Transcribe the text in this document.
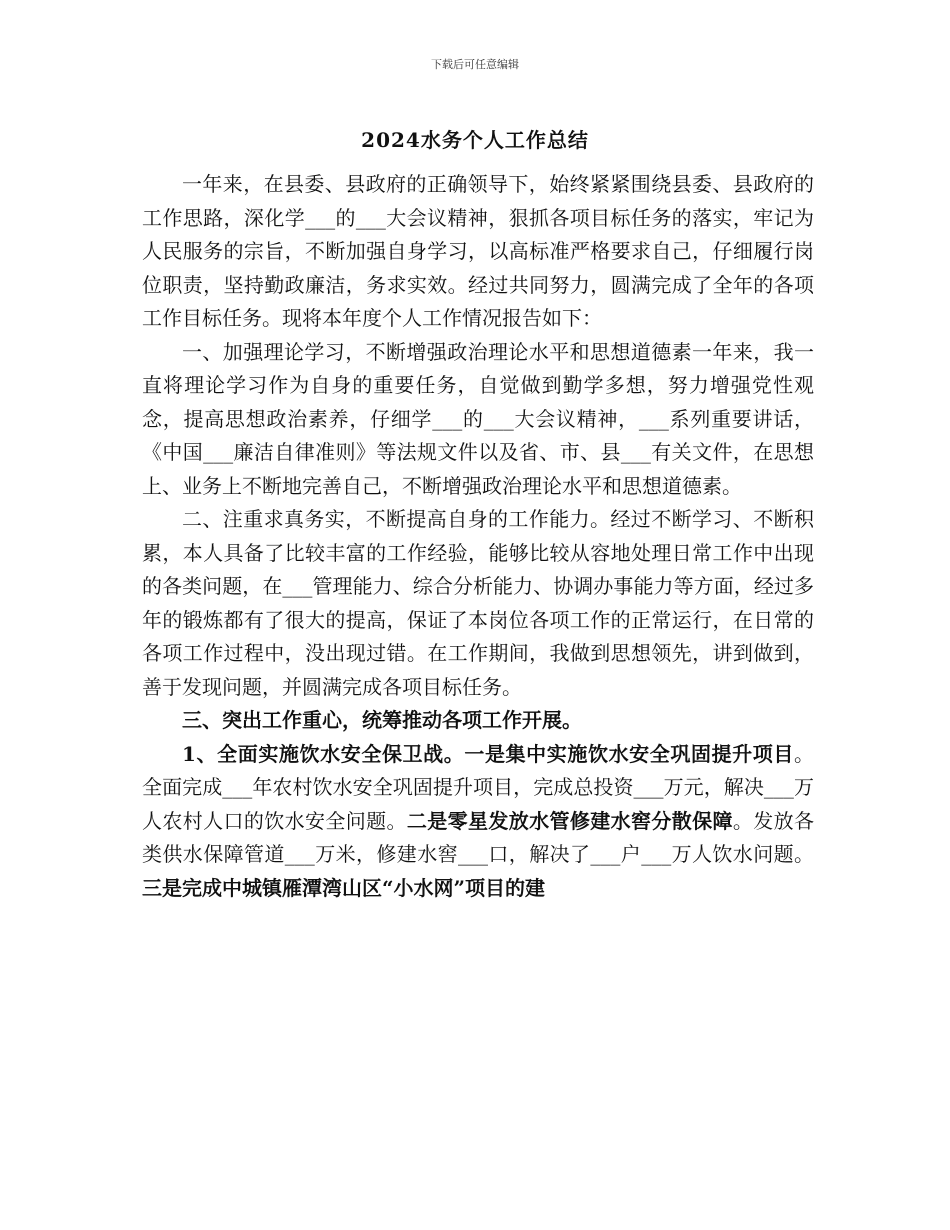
下载后可任意编辑
2024水务个人工作总结

一年来，在县委、县政府的正确领导下，始终紧紧围绕县委、县政府的工作思路，深化学___的___大会议精神，狠抓各项目标任务的落实，牢记为人民服务的宗旨，不断加强自身学习，以高标准严格要求自己，仔细履行岗位职责，坚持勤政廉洁，务求实效。经过共同努力，圆满完成了全年的各项工作目标任务。现将本年度个人工作情况报告如下：

一、加强理论学习，不断增强政治理论水平和思想道德素一年来，我一直将理论学习作为自身的重要任务，自觉做到勤学多想，努力增强党性观念，提高思想政治素养，仔细学___的___大会议精神，___系列重要讲话，《中国___廉洁自律准则》等法规文件以及省、市、县___有关文件，在思想上、业务上不断地完善自己，不断增强政治理论水平和思想道德素。

二、注重求真务实，不断提高自身的工作能力。经过不断学习、不断积累，本人具备了比较丰富的工作经验，能够比较从容地处理日常工作中出现的各类问题，在___管理能力、综合分析能力、协调办事能力等方面，经过多年的锻炼都有了很大的提高，保证了本岗位各项工作的正常运行，在日常的各项工作过程中，没出现过错。在工作期间，我做到思想领先，讲到做到，善于发现问题，并圆满完成各项目标任务。

三、突出工作重心，统筹推动各项工作开展。

1、全面实施饮水安全保卫战。一是集中实施饮水安全巩固提升项目。全面完成___年农村饮水安全巩固提升项目，完成总投资___万元，解决___万人农村人口的饮水安全问题。二是零星发放水管修建水窖分散保障。发放各类供水保障管道___万米，修建水窖___口，解决了___户___万人饮水问题。三是完成中城镇雁潭湾山区“小水网”项目的建
